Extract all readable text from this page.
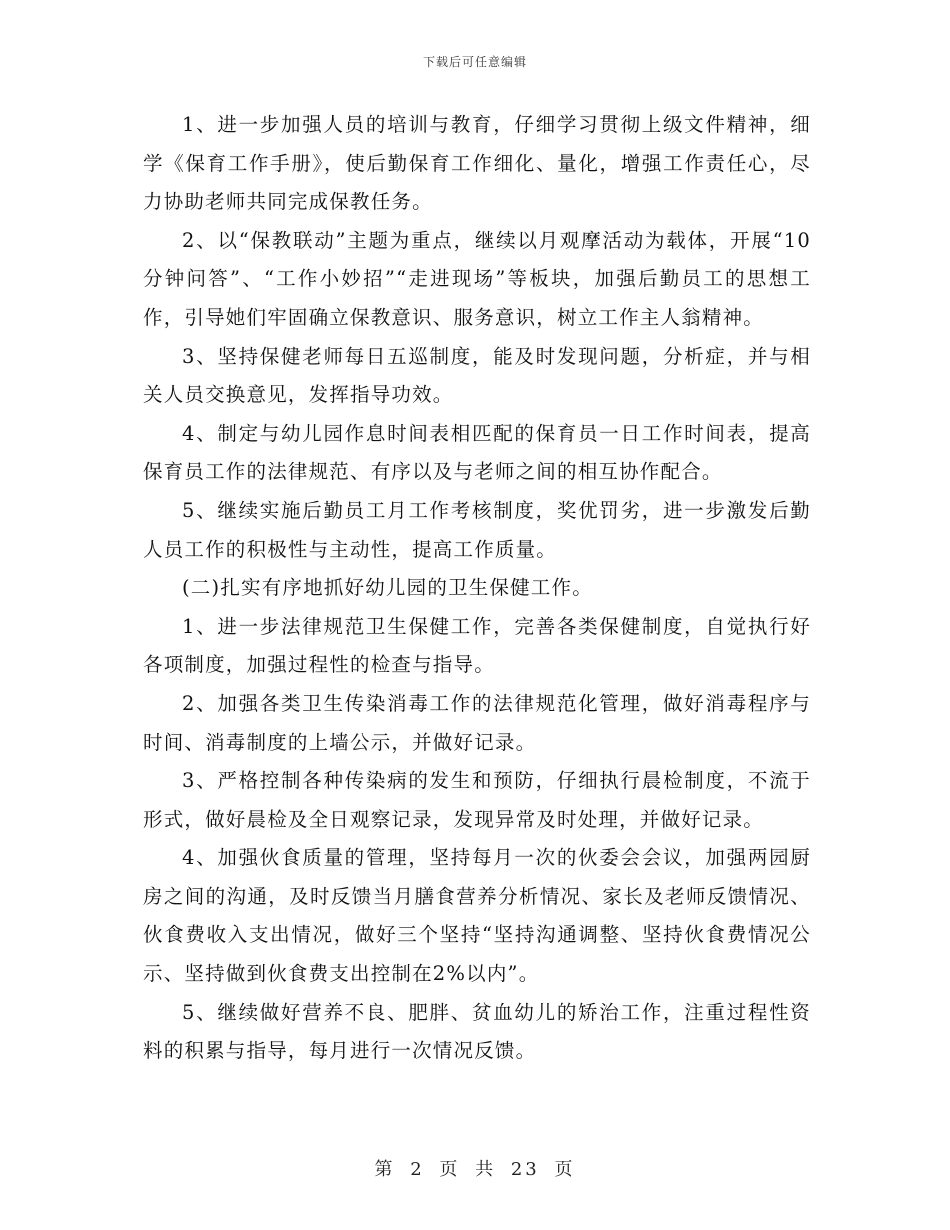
下载后可任意编辑

1、进一步加强人员的培训与教育，仔细学习贯彻上级文件精神，细学《保育工作手册》，使后勤保育工作细化、量化，增强工作责任心，尽力协助老师共同完成保教任务。

2、以“保教联动”主题为重点，继续以月观摩活动为载体，开展“10分钟问答”、“工作小妙招”“走进现场”等板块，加强后勤员工的思想工作，引导她们牢固确立保教意识、服务意识，树立工作主人翁精神。

3、坚持保健老师每日五巡制度，能及时发现问题，分析症，并与相关人员交换意见，发挥指导功效。

4、制定与幼儿园作息时间表相匹配的保育员一日工作时间表，提高保育员工作的法律规范、有序以及与老师之间的相互协作配合。

5、继续实施后勤员工月工作考核制度，奖优罚劣，进一步激发后勤人员工作的积极性与主动性，提高工作质量。

(二)扎实有序地抓好幼儿园的卫生保健工作。

1、进一步法律规范卫生保健工作，完善各类保健制度，自觉执行好各项制度，加强过程性的检查与指导。

2、加强各类卫生传染消毒工作的法律规范化管理，做好消毒程序与时间、消毒制度的上墙公示，并做好记录。

3、严格控制各种传染病的发生和预防，仔细执行晨检制度，不流于形式，做好晨检及全日观察记录，发现异常及时处理，并做好记录。

4、加强伙食质量的管理，坚持每月一次的伙委会会议，加强两园厨房之间的沟通，及时反馈当月膳食营养分析情况、家长及老师反馈情况、伙食费收入支出情况，做好三个坚持“坚持沟通调整、坚持伙食费情况公示、坚持做到伙食费支出控制在2%以内”。

5、继续做好营养不良、肥胖、贫血幼儿的矫治工作，注重过程性资料的积累与指导，每月进行一次情况反馈。

第 2 页 共 23 页
